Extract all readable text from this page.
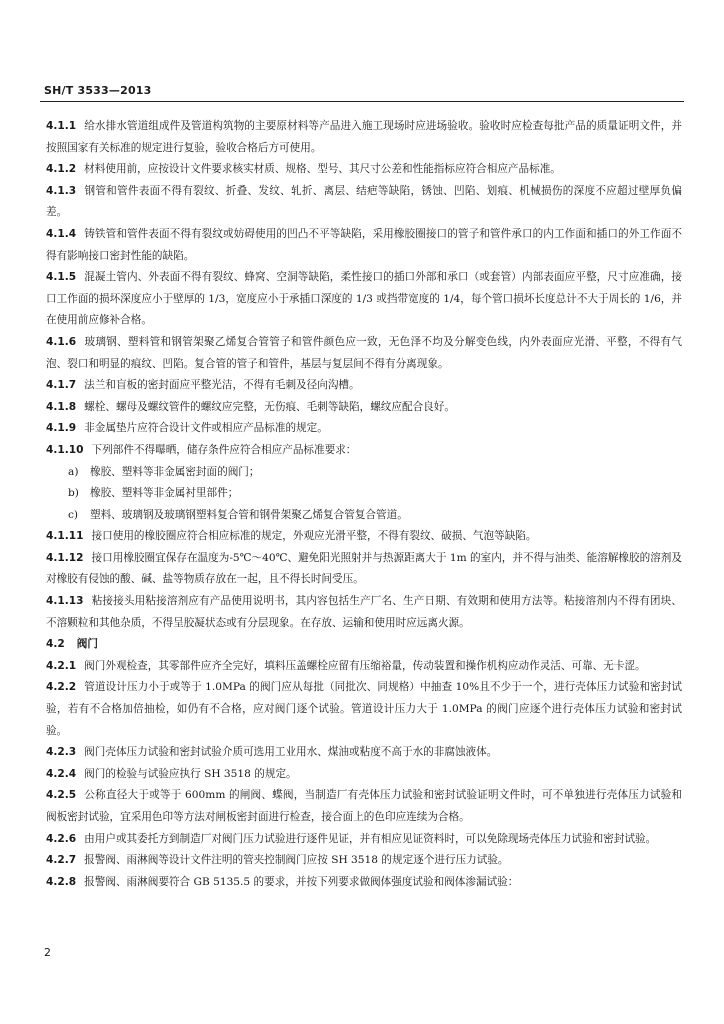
SH/T 3533—2013

4.1.1 给水排水管道组成件及管道构筑物的主要原材料等产品进入施工现场时应进场验收。验收时应检查每批产品的质量证明文件，并按照国家有关标准的规定进行复验，验收合格后方可使用。

4.1.2 材料使用前，应按设计文件要求核实材质、规格、型号、其尺寸公差和性能指标应符合相应产品标准。

4.1.3 钢管和管件表面不得有裂纹、折叠、发纹、轧折、离层、结疤等缺陷，锈蚀、凹陷、划痕、机械损伤的深度不应超过壁厚负偏差。

4.1.4 铸铁管和管件表面不得有裂纹或妨碍使用的凹凸不平等缺陷，采用橡胶圈接口的管子和管件承口的内工作面和插口的外工作面不得有影响接口密封性能的缺陷。

4.1.5 混凝土管内、外表面不得有裂纹、蜂窝、空洞等缺陷，柔性接口的插口外部和承口（或套管）内部表面应平整，尺寸应准确，接口工作面的损坏深度应小于壁厚的 1/3，宽度应小于承插口深度的 1/3 或挡带宽度的 1/4，每个管口损坏长度总计不大于周长的 1/6，并在使用前应修补合格。

4.1.6 玻璃钢、塑料管和钢管架聚乙烯复合管管子和管件颜色应一致，无色泽不均及分解变色线，内外表面应光滑、平整，不得有气泡、裂口和明显的痕纹、凹陷。复合管的管子和管件，基层与复层间不得有分离现象。

4.1.7 法兰和盲板的密封面应平整光洁，不得有毛刺及径向沟槽。

4.1.8 螺栓、螺母及螺纹管件的螺纹应完整，无伤痕、毛刺等缺陷，螺纹应配合良好。

4.1.9 非金属垫片应符合设计文件或相应产品标准的规定。

4.1.10 下列部件不得曝晒，储存条件应符合相应产品标准要求：

a) 橡胶、塑料等非金属密封面的阀门；

b) 橡胶、塑料等非金属衬里部件；

c) 塑料、玻璃钢及玻璃钢塑料复合管和钢骨架聚乙烯复合管复合管道。

4.1.11 接口使用的橡胶圈应符合相应标准的规定，外观应光滑平整，不得有裂纹、破损、气泡等缺陷。

4.1.12 接口用橡胶圈宜保存在温度为-5℃～40℃、避免阳光照射并与热源距离大于 1m 的室内，并不得与油类、能溶解橡胶的溶剂及对橡胶有侵蚀的酸、碱、盐等物质存放在一起，且不得长时间受压。

4.1.13 粘接接头用粘接溶剂应有产品使用说明书，其内容包括生产厂名、生产日期、有效期和使用方法等。粘接溶剂内不得有团块、不溶颗粒和其他杂质，不得呈胶凝状态或有分层现象。在存放、运输和使用时应远离火源。

4.2 阀门

4.2.1 阀门外观检查，其零部件应齐全完好，填料压盖螺栓应留有压缩裕量，传动装置和操作机构应动作灵活、可靠、无卡涩。

4.2.2 管道设计压力小于或等于 1.0MPa 的阀门应从每批（同批次、同规格）中抽查 10%且不少于一个，进行壳体压力试验和密封试验，若有不合格加倍抽检，如仍有不合格，应对阀门逐个试验。管道设计压力大于 1.0MPa 的阀门应逐个进行壳体压力试验和密封试验。

4.2.3 阀门壳体压力试验和密封试验介质可选用工业用水、煤油或粘度不高于水的非腐蚀液体。

4.2.4 阀门的检验与试验应执行 SH 3518 的规定。

4.2.5 公称直径大于或等于 600mm 的闸阀、蝶阀，当制造厂有壳体压力试验和密封试验证明文件时，可不单独进行壳体压力试验和阀板密封试验，宜采用色印等方法对闸板密封面进行检查，接合面上的色印应连续为合格。

4.2.6 由用户或其委托方到制造厂对阀门压力试验进行逐件见证，并有相应见证资料时，可以免除现场壳体压力试验和密封试验。

4.2.7 报警阀、雨淋阀等设计文件注明的管夹控制阀门应按 SH 3518 的规定逐个进行压力试验。

4.2.8 报警阀、雨淋阀要符合 GB 5135.5 的要求，并按下列要求做阀体强度试验和阀体渗漏试验：

2
